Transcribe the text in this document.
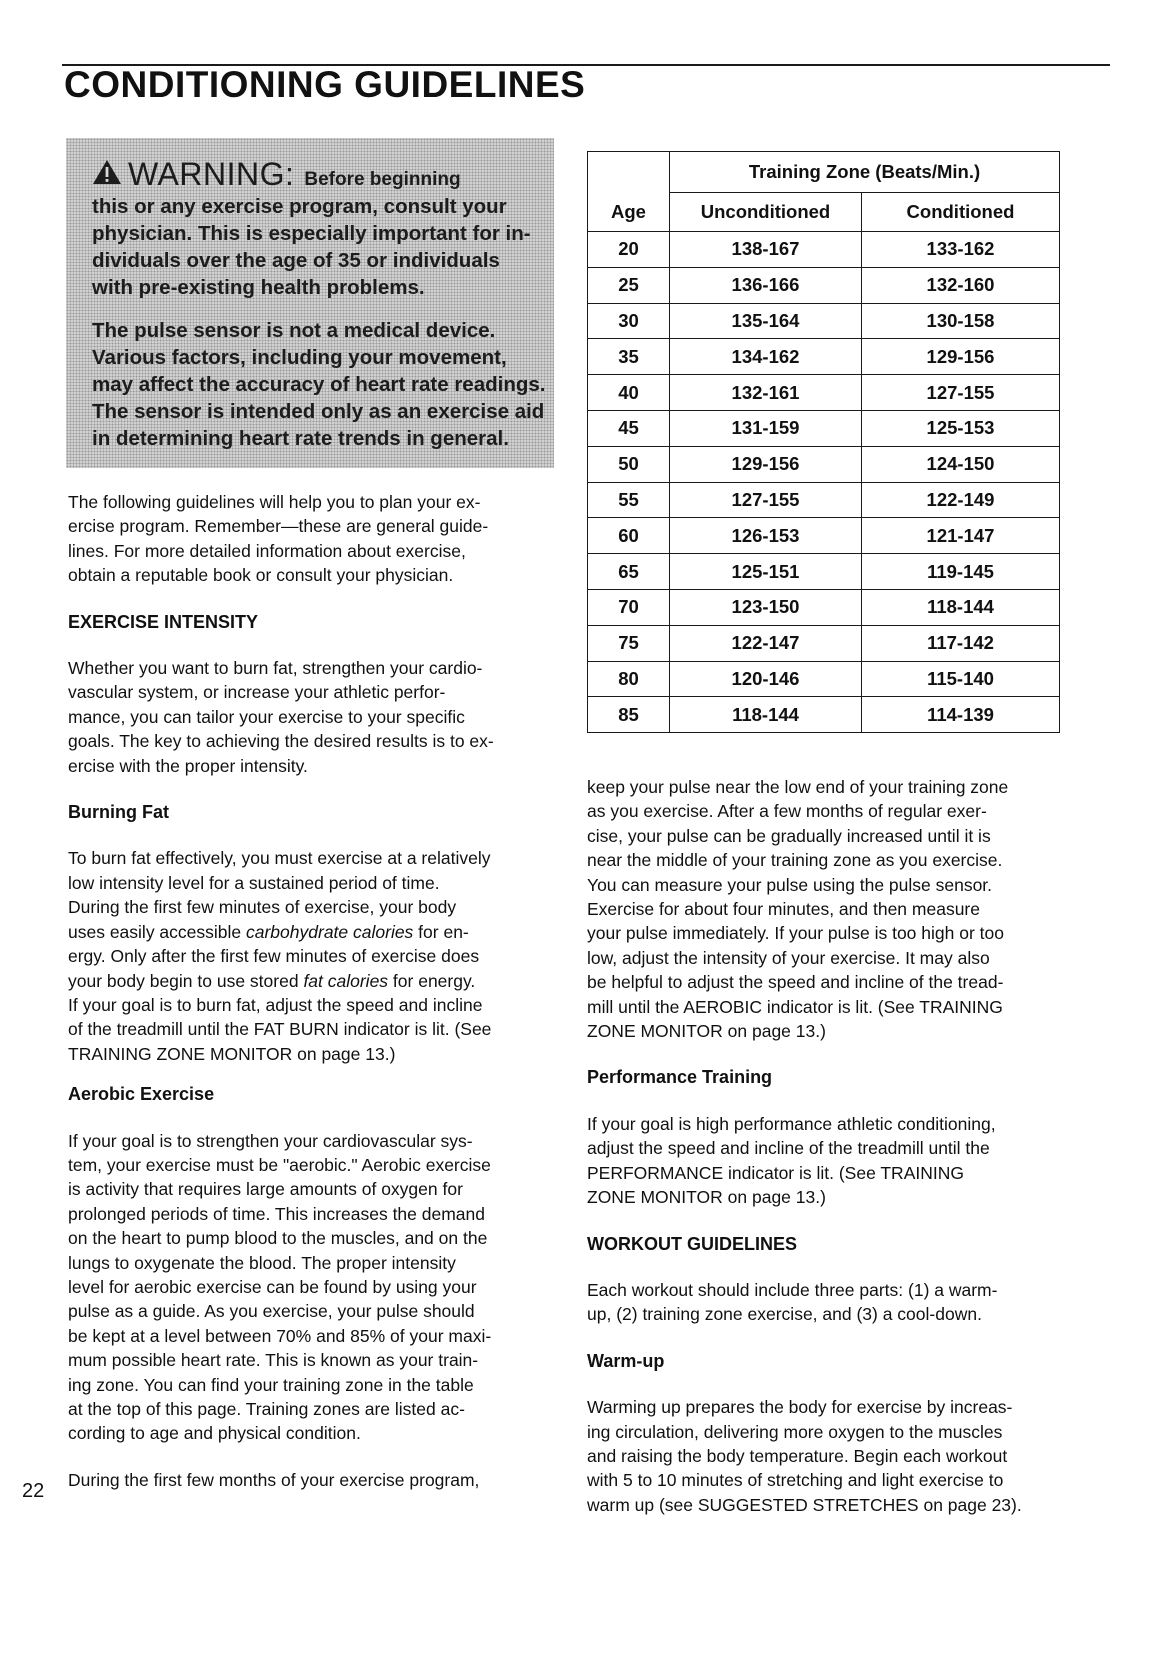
CONDITIONING GUIDELINES
WARNING: Before beginning
this or any exercise program, consult your
physician. This is especially important for in-
dividuals over the age of 35 or individuals
with pre-existing health problems.
The pulse sensor is not a medical device.
Various factors, including your movement,
may affect the accuracy of heart rate readings.
The sensor is intended only as an exercise aid
in determining heart rate trends in general.
The following guidelines will help you to plan your ex-
ercise program. Remember—these are general guide-
lines. For more detailed information about exercise,
obtain a reputable book or consult your physician.
EXERCISE INTENSITY
Whether you want to burn fat, strengthen your cardio-
vascular system, or increase your athletic perfor-
mance, you can tailor your exercise to your specific
goals. The key to achieving the desired results is to ex-
ercise with the proper intensity.
Burning Fat
To burn fat effectively, you must exercise at a relatively
low intensity level for a sustained period of time.
During the first few minutes of exercise, your body
uses easily accessible carbohydrate calories for en-
ergy. Only after the first few minutes of exercise does
your body begin to use stored fat calories for energy.
If your goal is to burn fat, adjust the speed and incline
of the treadmill until the FAT BURN indicator is lit. (See
TRAINING ZONE MONITOR on page 13.)
Aerobic Exercise
If your goal is to strengthen your cardiovascular sys-
tem, your exercise must be "aerobic." Aerobic exercise
is activity that requires large amounts of oxygen for
prolonged periods of time. This increases the demand
on the heart to pump blood to the muscles, and on the
lungs to oxygenate the blood. The proper intensity
level for aerobic exercise can be found by using your
pulse as a guide. As you exercise, your pulse should
be kept at a level between 70% and 85% of your maxi-
mum possible heart rate. This is known as your train-
ing zone. You can find your training zone in the table
at the top of this page. Training zones are listed ac-
cording to age and physical condition.
During the first few months of your exercise program,
22
Age	Training Zone (Beats/Min.)	
	Unconditioned	Conditioned
20	138-167	133-162
25	136-166	132-160
30	135-164	130-158
35	134-162	129-156
40	132-161	127-155
45	131-159	125-153
50	129-156	124-150
55	127-155	122-149
60	126-153	121-147
65	125-151	119-145
70	123-150	118-144
75	122-147	117-142
80	120-146	115-140
85	118-144	114-139
keep your pulse near the low end of your training zone
as you exercise. After a few months of regular exer-
cise, your pulse can be gradually increased until it is
near the middle of your training zone as you exercise.
You can measure your pulse using the pulse sensor.
Exercise for about four minutes, and then measure
your pulse immediately. If your pulse is too high or too
low, adjust the intensity of your exercise. It may also
be helpful to adjust the speed and incline of the tread-
mill until the AEROBIC indicator is lit. (See TRAINING
ZONE MONITOR on page 13.)
Performance Training
If your goal is high performance athletic conditioning,
adjust the speed and incline of the treadmill until the
PERFORMANCE indicator is lit. (See TRAINING
ZONE MONITOR on page 13.)
WORKOUT GUIDELINES
Each workout should include three parts: (1) a warm-
up, (2) training zone exercise, and (3) a cool-down.
Warm-up
Warming up prepares the body for exercise by increas-
ing circulation, delivering more oxygen to the muscles
and raising the body temperature. Begin each workout
with 5 to 10 minutes of stretching and light exercise to
warm up (see SUGGESTED STRETCHES on page 23).
